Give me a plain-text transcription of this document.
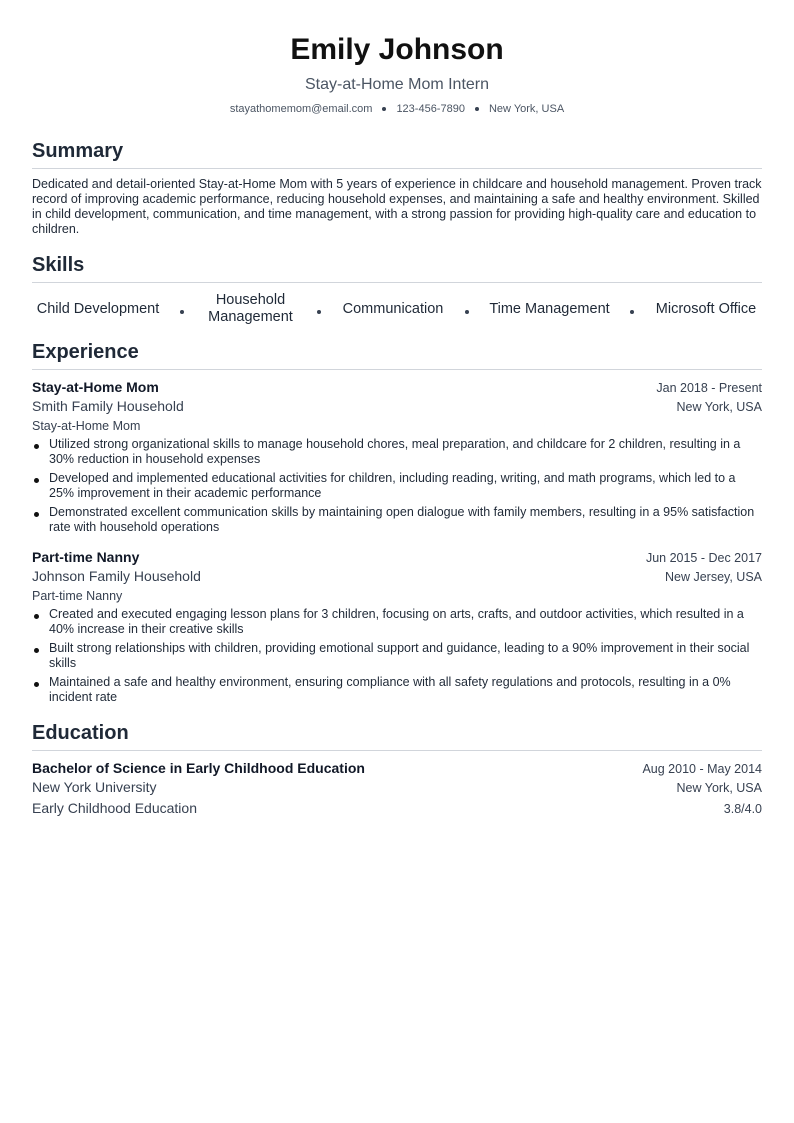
Emily Johnson
Stay-at-Home Mom Intern
stayathomemom@email.com 123-456-7890 New York, USA
Summary

Dedicated and detail-oriented Stay-at-Home Mom with 5 years of experience in childcare and household management. Proven track record of improving academic performance, reducing household expenses, and maintaining a safe and healthy environment. Skilled in child development, communication, and time management, with a strong passion for providing high-quality care and education to children.

Skills
Child Development
Household Management
Communication	Time Management	Microsoft Office
Experience
Stay-at-Home Mom	Jan 2018 - Present
Smith Family Household	New York, USA
Stay-at-Home Mom
Utilized strong organizational skills to manage household chores, meal preparation, and childcare for 2 children, resulting in a 30% reduction in household expenses
Developed and implemented educational activities for children, including reading, writing, and math programs, which led to a 25% improvement in their academic performance
Demonstrated excellent communication skills by maintaining open dialogue with family members, resulting in a 95% satisfaction rate with household operations
Part-time Nanny	Jun 2015 - Dec 2017
Johnson Family Household	New Jersey, USA
Part-time Nanny
Created and executed engaging lesson plans for 3 children, focusing on arts, crafts, and outdoor activities, which resulted in a 40% increase in their creative skills
Built strong relationships with children, providing emotional support and guidance, leading to a 90% improvement in their social skills
Maintained a safe and healthy environment, ensuring compliance with all safety regulations and protocols, resulting in a 0% incident rate
Education
Bachelor of Science in Early Childhood Education	Aug 2010 - May 2014
New York University	New York, USA
Early Childhood Education	3.8/4.0
